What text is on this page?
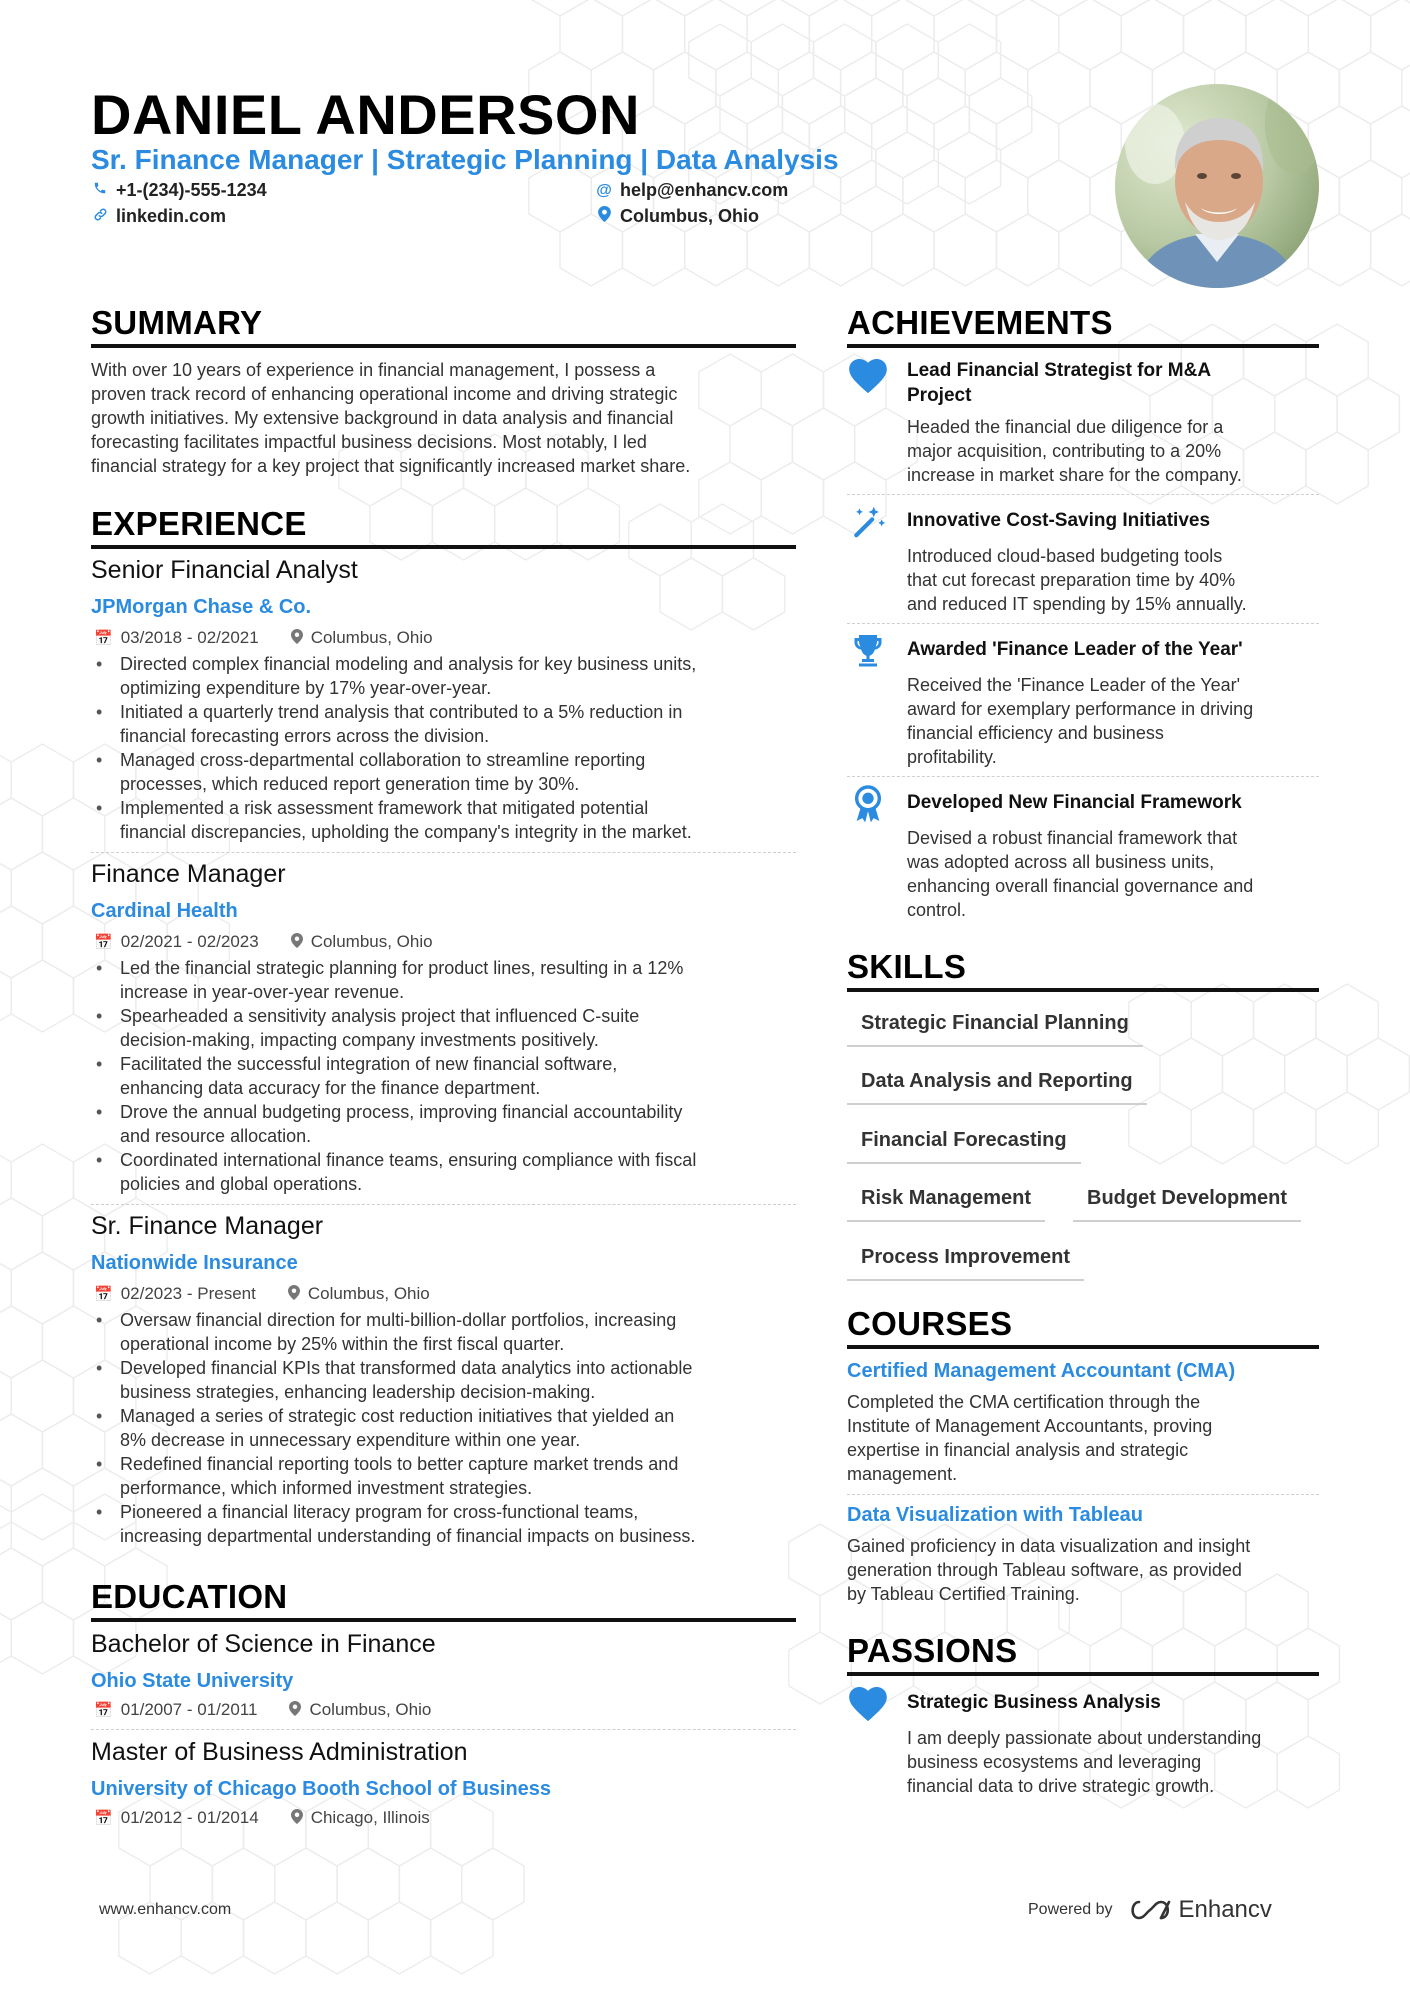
DANIEL ANDERSON
Sr. Finance Manager | Strategic Planning | Data Analysis
+1-(234)-555-1234	@ help@enhancv.com
linkedin.com	Columbus, Ohio
SUMMARY
With over 10 years of experience in financial management, I possess a
proven track record of enhancing operational income and driving strategic
growth initiatives. My extensive background in data analysis and financial
forecasting facilitates impactful business decisions. Most notably, I led
financial strategy for a key project that significantly increased market share.
EXPERIENCE
Senior Financial Analyst
JPMorgan Chase & Co.
📅 03/2018 - 02/2021	Columbus, Ohio
• Directed complex financial modeling and analysis for key business units,
optimizing expenditure by 17% year-over-year.
• Initiated a quarterly trend analysis that contributed to a 5% reduction in
financial forecasting errors across the division.
• Managed cross-departmental collaboration to streamline reporting
processes, which reduced report generation time by 30%.
• Implemented a risk assessment framework that mitigated potential
financial discrepancies, upholding the company's integrity in the market.
Finance Manager
Cardinal Health
📅 02/2021 - 02/2023	Columbus, Ohio
• Led the financial strategic planning for product lines, resulting in a 12%
increase in year-over-year revenue.
• Spearheaded a sensitivity analysis project that influenced C-suite
decision-making, impacting company investments positively.
• Facilitated the successful integration of new financial software,
enhancing data accuracy for the finance department.
• Drove the annual budgeting process, improving financial accountability
and resource allocation.
• Coordinated international finance teams, ensuring compliance with fiscal
policies and global operations.
Sr. Finance Manager
Nationwide Insurance
📅 02/2023 - Present	Columbus, Ohio
• Oversaw financial direction for multi-billion-dollar portfolios, increasing
operational income by 25% within the first fiscal quarter.
• Developed financial KPIs that transformed data analytics into actionable
business strategies, enhancing leadership decision-making.
• Managed a series of strategic cost reduction initiatives that yielded an
8% decrease in unnecessary expenditure within one year.
• Redefined financial reporting tools to better capture market trends and
performance, which informed investment strategies.
• Pioneered a financial literacy program for cross-functional teams,
increasing departmental understanding of financial impacts on business.
EDUCATION
Bachelor of Science in Finance
Ohio State University
📅 01/2007 - 01/2011	Columbus, Ohio
Master of Business Administration
University of Chicago Booth School of Business
📅 01/2012 - 01/2014	Chicago, Illinois
ACHIEVEMENTS
Lead Financial Strategist for M&A
Project
Headed the financial due diligence for a
major acquisition, contributing to a 20%
increase in market share for the company.
Innovative Cost-Saving Initiatives
Introduced cloud-based budgeting tools
that cut forecast preparation time by 40%
and reduced IT spending by 15% annually.
Awarded 'Finance Leader of the Year'
Received the 'Finance Leader of the Year'
award for exemplary performance in driving
financial efficiency and business
profitability.
Developed New Financial Framework
Devised a robust financial framework that
was adopted across all business units,
enhancing overall financial governance and
control.
SKILLS
Strategic Financial Planning
Data Analysis and Reporting
Financial Forecasting
Risk Management	Budget Development
Process Improvement
COURSES
Certified Management Accountant (CMA)
Completed the CMA certification through the
Institute of Management Accountants, proving
expertise in financial analysis and strategic
management.
Data Visualization with Tableau
Gained proficiency in data visualization and insight
generation through Tableau software, as provided
by Tableau Certified Training.
PASSIONS
Strategic Business Analysis
I am deeply passionate about understanding
business ecosystems and leveraging
financial data to drive strategic growth.
www.enhancv.com	Powered by	Enhancv
